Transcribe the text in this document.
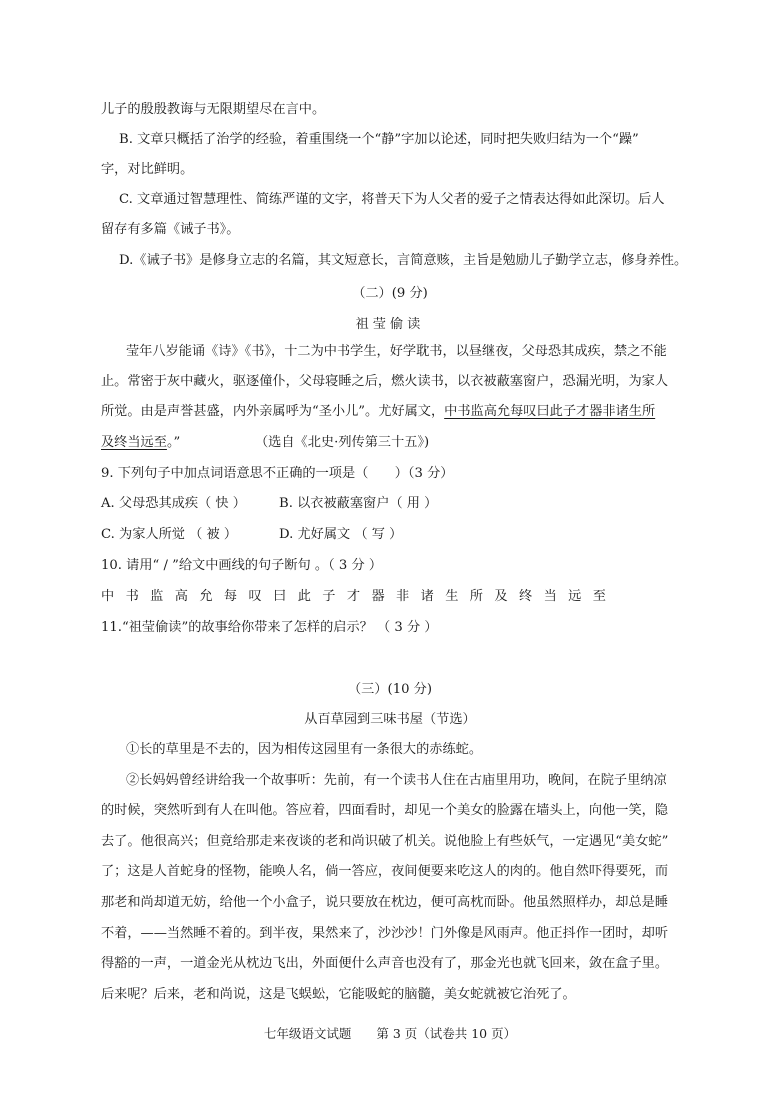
儿子的殷殷教诲与无限期望尽在言中。
B. 文章只概括了治学的经验，着重围绕一个“静”字加以论述，同时把失败归结为一个“躁”
字，对比鲜明。
C. 文章通过智慧理性、简练严谨的文字，将普天下为人父者的爱子之情表达得如此深切。后人
留存有多篇《诫子书》。
D.《诫子书》是修身立志的名篇，其文短意长，言简意赅，主旨是勉励儿子勤学立志，修身养性。
（二）(9 分)
祖莹偷读
莹年八岁能诵《诗》《书》，十二为中书学生，好学耽书，以昼继夜，父母恐其成疾，禁之不能
止。常密于灰中藏火，驱逐僮仆，父母寝睡之后，燃火读书，以衣被蔽塞窗户，恐漏光明，为家人
所觉。由是声誉甚盛，内外亲属呼为“圣小儿”。尤好属文，中书监高允每叹曰此子才器非诸生所
及终当远至。”	（选自《北史·列传第三十五》)
9. 下列句子中加点词语意思不正确的一项是（　　）（3 分）
A. 父母恐其成疾（ 快 ）	B. 以衣被蔽塞窗户（ 用 ）
C. 为家人所觉 （ 被 ）	D. 尤好属文 （ 写 ）
10. 请用“ / ”给文中画线的句子断句 。（ 3 分 ）
中书监高允每叹曰此子才器非诸生所及终当远至
11.“祖莹偷读”的故事给你带来了怎样的启示？ （ 3 分 ）
（三）(10 分)
从百草园到三味书屋（节选）
①长的草里是不去的，因为相传这园里有一条很大的赤练蛇。
②长妈妈曾经讲给我一个故事听：先前，有一个读书人住在古庙里用功，晚间，在院子里纳凉
的时候，突然听到有人在叫他。答应着，四面看时，却见一个美女的脸露在墙头上，向他一笑，隐
去了。他很高兴；但竟给那走来夜谈的老和尚识破了机关。说他脸上有些妖气，一定遇见“美女蛇”
了；这是人首蛇身的怪物，能唤人名，倘一答应，夜间便要来吃这人的肉的。他自然吓得要死，而
那老和尚却道无妨，给他一个小盒子，说只要放在枕边，便可高枕而卧。他虽然照样办，却总是睡
不着，——当然睡不着的。到半夜，果然来了，沙沙沙！门外像是风雨声。他正抖作一团时，却听
得豁的一声，一道金光从枕边飞出，外面便什么声音也没有了，那金光也就飞回来，敛在盒子里。
后来呢？后来，老和尚说，这是飞蜈蚣，它能吸蛇的脑髓，美女蛇就被它治死了。
七年级语文试题　　第 3 页（试卷共 10 页）
